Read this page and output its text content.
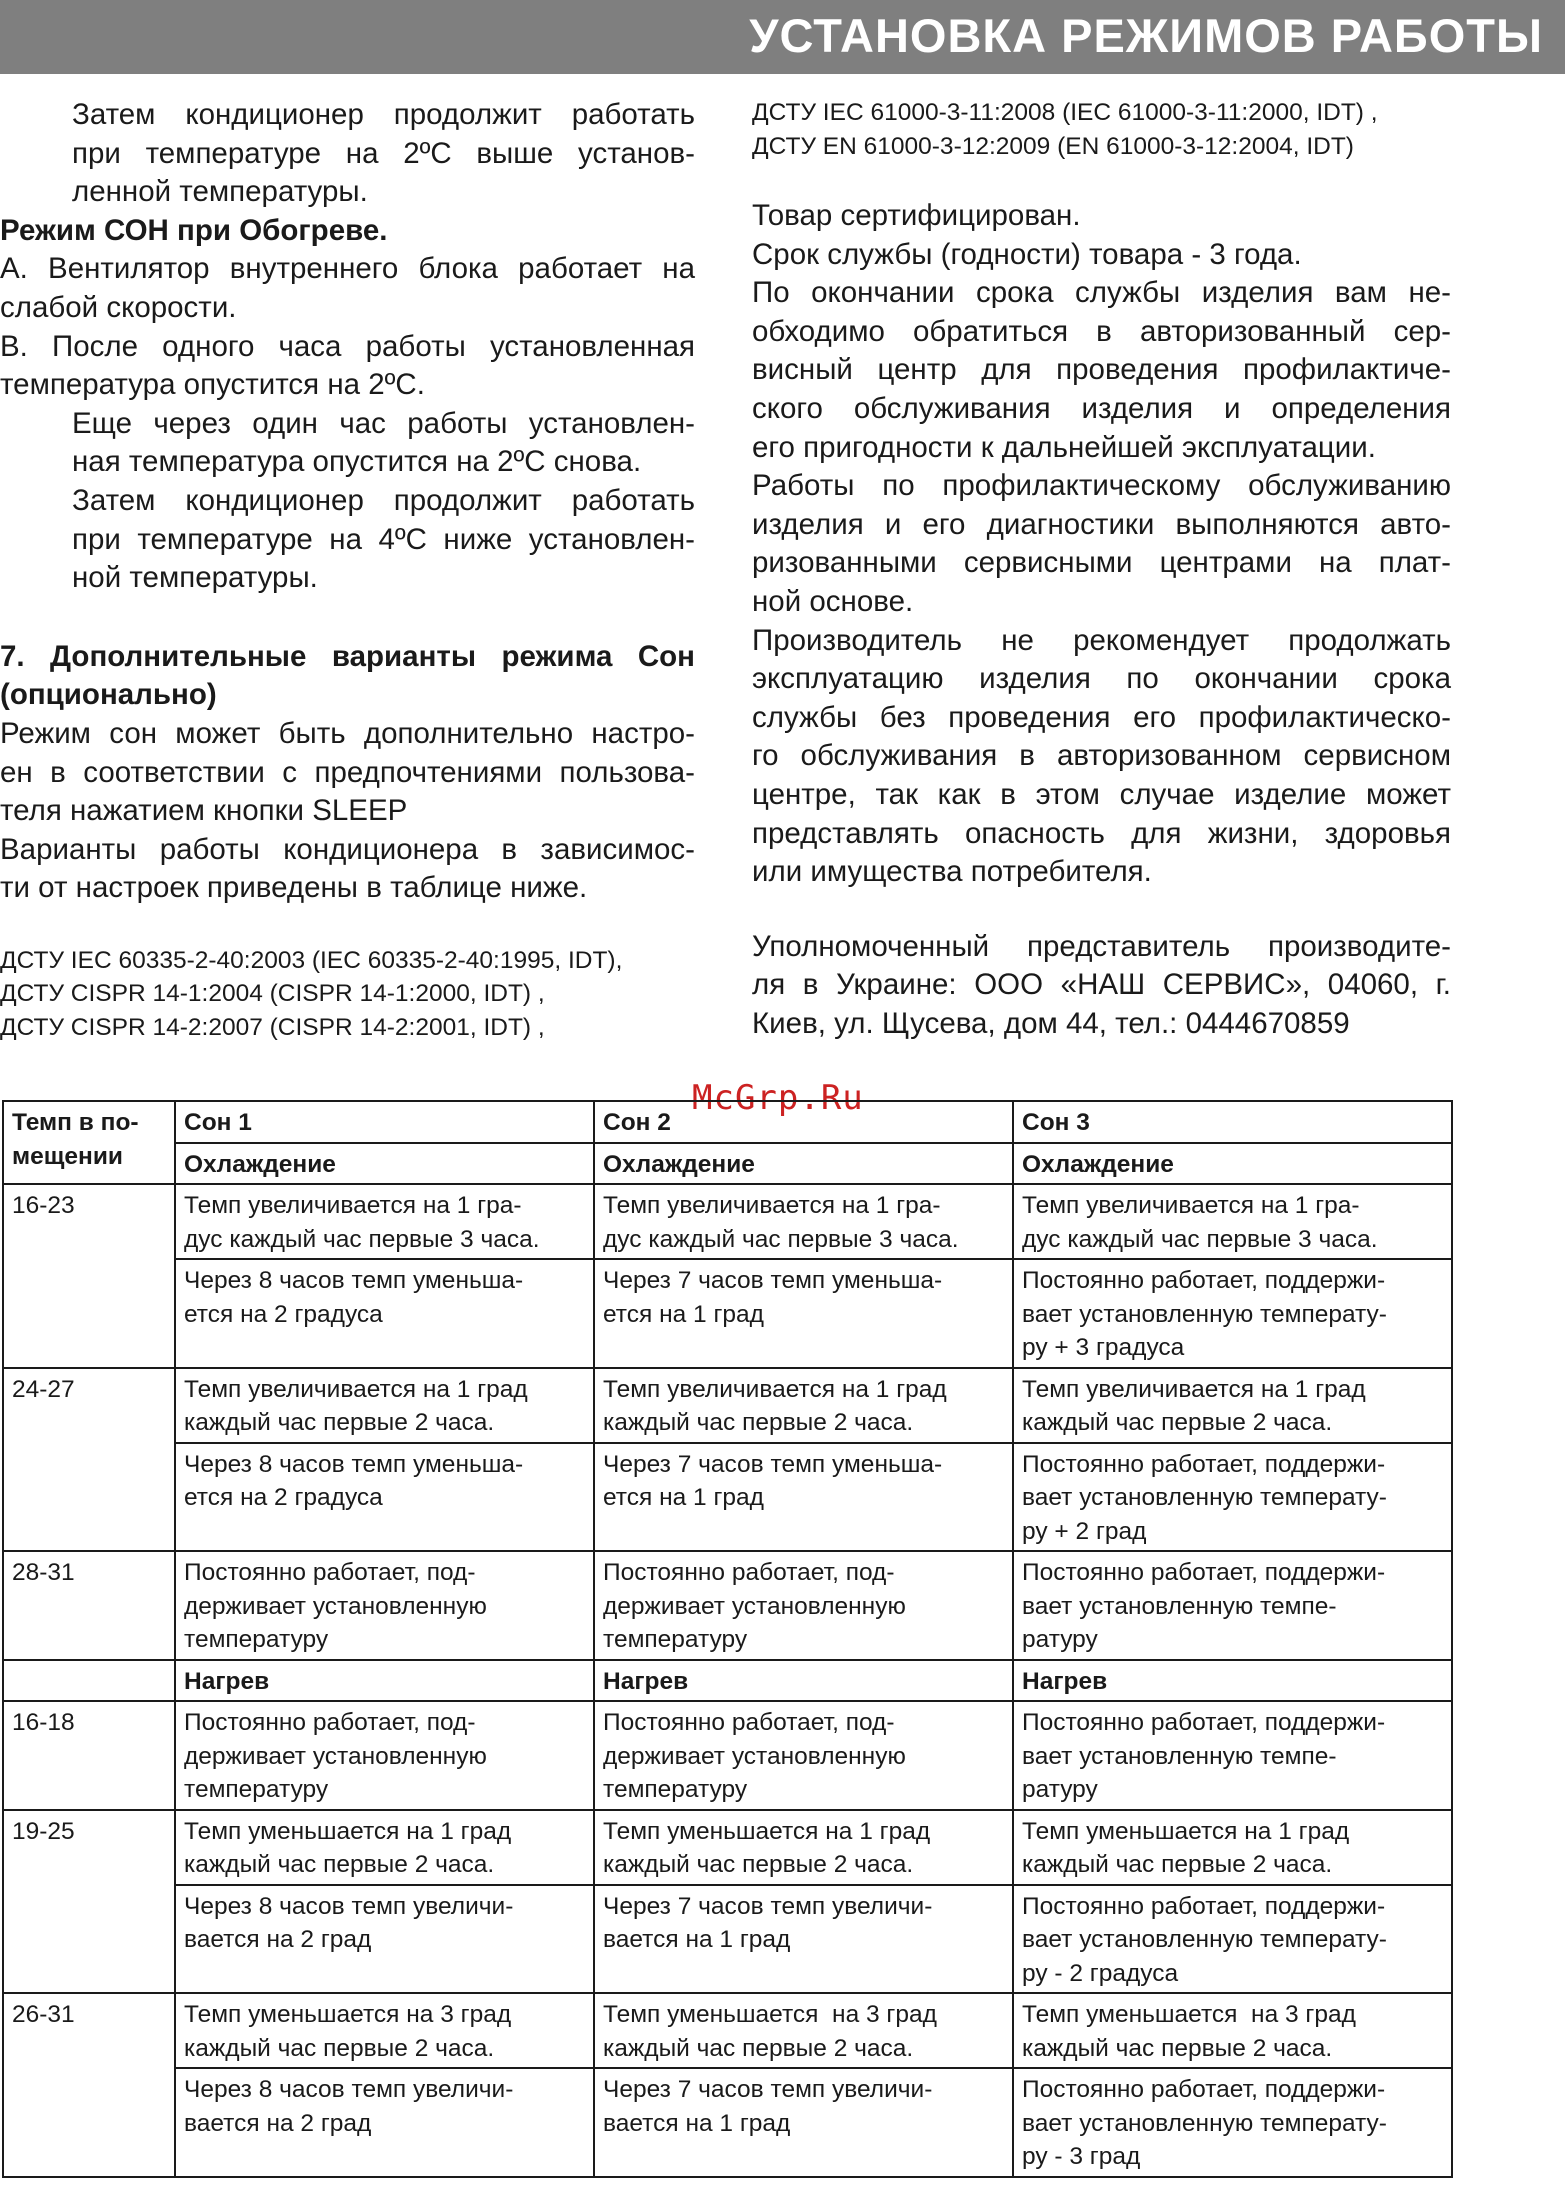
УСТАНОВКА РЕЖИМОВ РАБОТЫ

Затем кондиционер продолжит работать
при температуре на 2ºС выше установ-
ленной температуры.

Режим СОН при Обогреве.

А. Вентилятор внутреннего блока работает на
слабой скорости.

В. После одного часа работы установленная
температура опустится на 2ºС.

Еще через один час работы установлен-
ная температура опустится на 2ºС снова.

Затем кондиционер продолжит работать
при температуре на 4ºС ниже установлен-
ной температуры.

7. Дополнительные варианты режима Сон
(опционально)

Режим сон может быть дополнительно настро-
ен в соответствии с предпочтениями пользова-
теля нажатием кнопки SLEEP

Варианты работы кондиционера в зависимос-
ти от настроек приведены в таблице ниже.

ДСТУ IEC 60335-2-40:2003 (IEC 60335-2-40:1995, IDT),
ДСТУ CISPR 14-1:2004 (CISPR 14-1:2000, IDT) ,
ДСТУ CISPR 14-2:2007 (CISPR 14-2:2001, IDT) ,

ДСТУ IEC 61000-3-11:2008 (IEC 61000-3-11:2000, IDT) ,
ДСТУ EN 61000-3-12:2009 (EN 61000-3-12:2004, IDT)

Товар сертифицирован.

Срок службы (годности) товара - 3 года.

По окончании срока службы изделия вам не-
обходимо обратиться в авторизованный сер-
висный центр для проведения профилактиче-
ского обслуживания изделия и определения
его пригодности к дальнейшей эксплуатации.

Работы по профилактическому обслуживанию
изделия и его диагностики выполняются авто-
ризованными сервисными центрами на плат-
ной основе.

Производитель не рекомендует продолжать
эксплуатацию изделия по окончании срока
службы без проведения его профилактическо-
го обслуживания в авторизованном сервисном
центре, так как в этом случае изделие может
представлять опасность для жизни, здоровья
или имущества потребителя.

Уполномоченный представитель производите-
ля в Украине: ООО «НАШ СЕРВИС», 04060, г.
Киев, ул. Щусева, дом 44, тел.: 0444670859

McGrp.Ru
Темп в по-
мещении	Сон 1	Сон 2	Сон 3
	Охлаждение	Охлаждение	Охлаждение
16-23	Темп увеличивается на 1 гра-
дус каждый час первые 3 часа.	Темп увеличивается на 1 гра-
дус каждый час первые 3 часа.	Темп увеличивается на 1 гра-
дус каждый час первые 3 часа.
	Через 8 часов темп уменьша-
ется на 2 градуса	Через 7 часов темп уменьша-
ется на 1 град	Постоянно работает, поддержи-
вает установленную температу-
ру + 3 градуса
24-27	Темп увеличивается на 1 град
каждый час первые 2 часа.	Темп увеличивается на 1 град
каждый час первые 2 часа.	Темп увеличивается на 1 град
каждый час первые 2 часа.
	Через 8 часов темп уменьша-
ется на 2 градуса	Через 7 часов темп уменьша-
ется на 1 град	Постоянно работает, поддержи-
вает установленную температу-
ру + 2 град
28-31	Постоянно работает, под-
держивает установленную
температуру	Постоянно работает, под-
держивает установленную
температуру	Постоянно работает, поддержи-
вает установленную темпе-
ратуру
	Нагрев	Нагрев	Нагрев
16-18	Постоянно работает, под-
держивает установленную
температуру	Постоянно работает, под-
держивает установленную
температуру	Постоянно работает, поддержи-
вает установленную темпе-
ратуру
19-25	Темп уменьшается на 1 град
каждый час первые 2 часа.	Темп уменьшается на 1 град
каждый час первые 2 часа.	Темп уменьшается на 1 град
каждый час первые 2 часа.
	Через 8 часов темп увеличи-
вается на 2 град	Через 7 часов темп увеличи-
вается на 1 град	Постоянно работает, поддержи-
вает установленную температу-
ру - 2 градуса
26-31	Темп уменьшается на 3 град
каждый час первые 2 часа.	Темп уменьшается  на 3 град
каждый час первые 2 часа.	Темп уменьшается  на 3 град
каждый час первые 2 часа.
	Через 8 часов темп увеличи-
вается на 2 град	Через 7 часов темп увеличи-
вается на 1 град	Постоянно работает, поддержи-
вает установленную температу-
ру - 3 град
